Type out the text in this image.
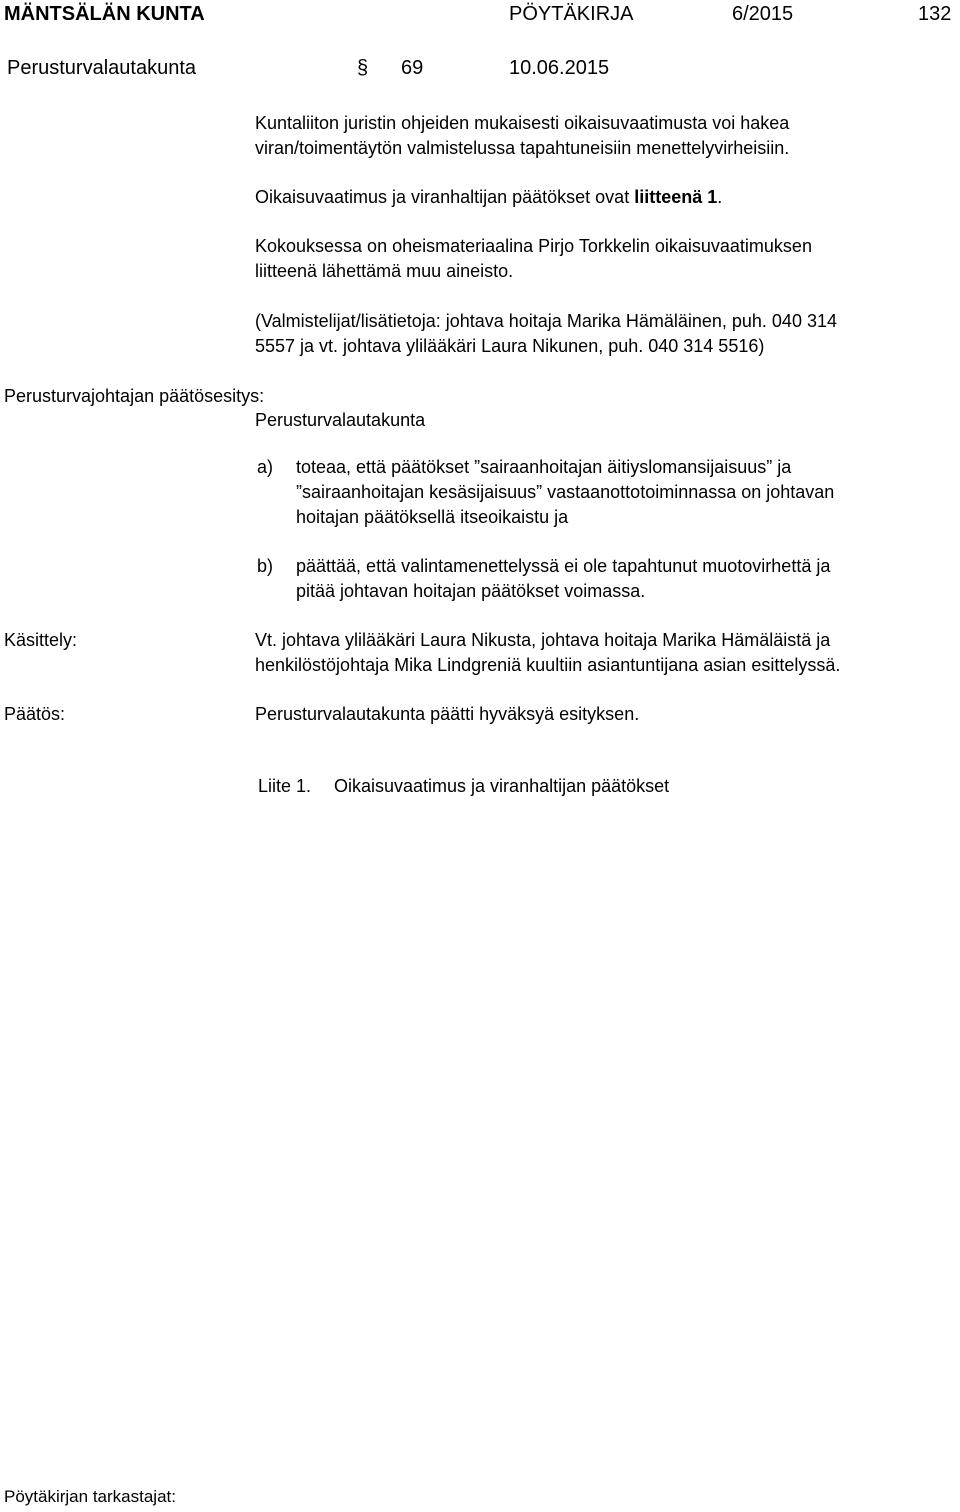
MÄNTSÄLÄN KUNTA	PÖYTÄKIRJA	6/2015	132
Perusturvalautakunta	§ 69	10.06.2015
Kuntaliiton juristin ohjeiden mukaisesti oikaisuvaatimusta voi hakea
viran/toimentäytön valmistelussa tapahtuneisiin menettelyvirheisiin.
Oikaisuvaatimus ja viranhaltijan päätökset ovat liitteenä 1.
Kokouksessa on oheismateriaalina Pirjo Torkkelin oikaisuvaatimuksen
liitteenä lähettämä muu aineisto.
(Valmistelijat/lisätietoja: johtava hoitaja Marika Hämäläinen, puh. 040 314
5557 ja vt. johtava ylilääkäri Laura Nikunen, puh. 040 314 5516)
Perusturvajohtajan päätösesitys:
Perusturvalautakunta
a) toteaa, että päätökset ”sairaanhoitajan äitiyslomansijaisuus” ja
”sairaanhoitajan kesäsijaisuus” vastaanottotoiminnassa on johtavan
hoitajan päätöksellä itseoikaistu ja
b) päättää, että valintamenettelyssä ei ole tapahtunut muotovirhettä ja
pitää johtavan hoitajan päätökset voimassa.
Käsittely:	Vt. johtava ylilääkäri Laura Nikusta, johtava hoitaja Marika Hämäläistä ja
henkilöstöjohtaja Mika Lindgreniä kuultiin asiantuntijana asian esittelyssä.
Päätös:	Perusturvalautakunta päätti hyväksyä esityksen.
Liite 1. Oikaisuvaatimus ja viranhaltijan päätökset
Pöytäkirjan tarkastajat:
